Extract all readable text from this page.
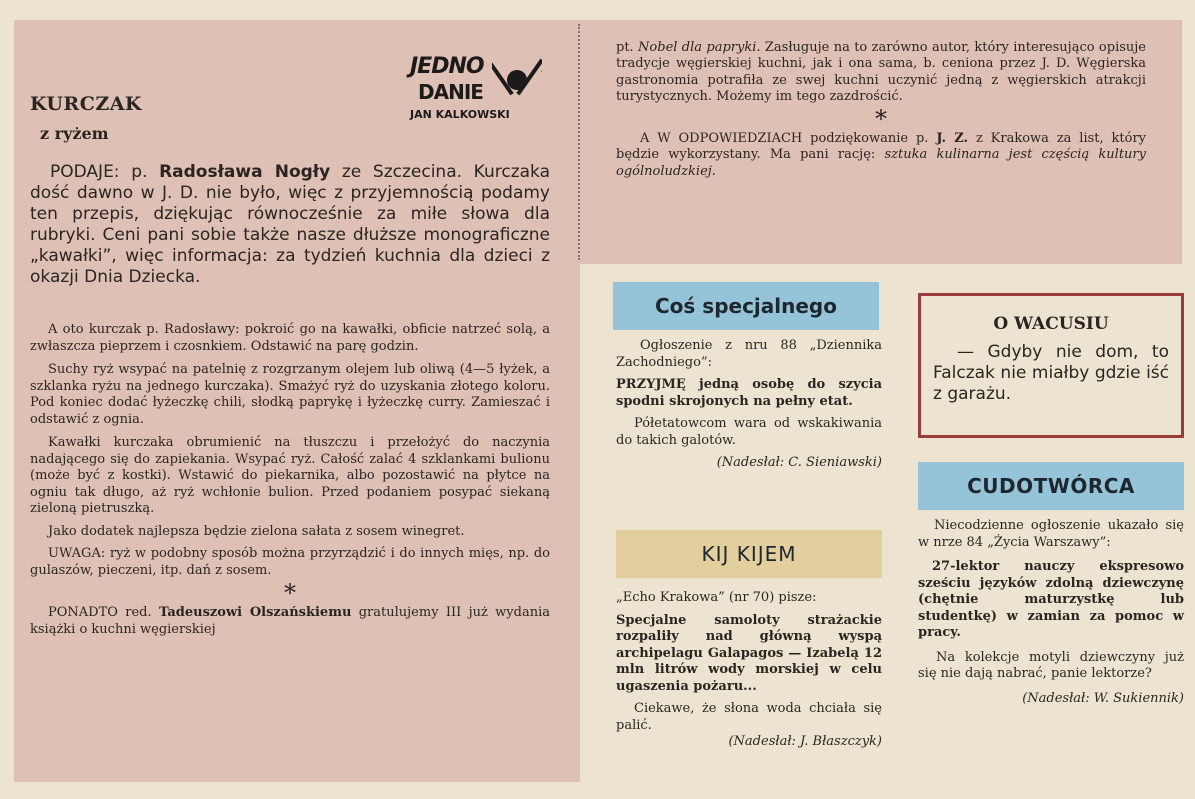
JEDNO
DANIE
JAN KALKOWSKI
KURCZAK
z ryżem

PODAJE: p. Radosława Nogły ze Szczecina. Kurczaka dość dawno w J. D. nie było, więc z przyjemnością podamy ten przepis, dziękując równocześnie za miłe słowa dla rubryki. Ceni pani sobie także nasze dłuższe monograficzne „kawałki”, więc informacja: za tydzień kuchnia dla dzieci z okazji Dnia Dziecka.

A oto kurczak p. Radosławy: pokroić go na kawałki, obficie natrzeć solą, a zwłaszcza pieprzem i czosnkiem. Odstawić na parę godzin.

Suchy ryż wsypać na patelnię z rozgrzanym olejem lub oliwą (4—5 łyżek, a szklanka ryżu na jednego kurczaka). Smażyć ryż do uzyskania złotego koloru. Pod koniec dodać łyżeczkę chili, słodką paprykę i łyżeczkę curry. Zamieszać i odstawić z ognia.

Kawałki kurczaka obrumienić na tłuszczu i przełożyć do naczynia nadającego się do zapiekania. Wsypać ryż. Całość zalać 4 szklankami bulionu (może być z kostki). Wstawić do piekarnika, albo pozostawić na płytce na ogniu tak długo, aż ryż wchłonie bulion. Przed podaniem posypać siekaną zieloną pietruszką.

Jako dodatek najlepsza będzie zielona sałata z sosem winegret.

UWAGA: ryż w podobny sposób można przyrządzić i do innych mięs, np. do gulaszów, pieczeni, itp. dań z sosem.

*

PONADTO red. Tadeuszowi Olszańskiemu gratulujemy III już wydania książki o kuchni węgierskiej

pt. Nobel dla papryki. Zasługuje na to zarówno autor, który interesująco opisuje tradycje węgierskiej kuchni, jak i ona sama, b. ceniona przez J. D. Węgierska gastronomia potrafiła ze swej kuchni uczynić jedną z węgierskich atrakcji turystycznych. Możemy im tego zazdrościć.

*

A W ODPOWIEDZIACH podziękowanie p. J. Z. z Krakowa za list, który będzie wykorzystany. Ma pani rację: sztuka kulinarna jest częścią kultury ogólnoludzkiej.

Coś specjalnego

Ogłoszenie z nru 88 „Dziennika Zachodniego”:

PRZYJMĘ jedną osobę do szycia spodni skrojonych na pełny etat.

Półetatowcom wara od wskakiwania do takich galotów.

(Nadesłał: C. Sieniawski)

KIJ KIJEM

„Echo Krakowa” (nr 70) pisze:

Specjalne samoloty strażackie rozpaliły nad główną wyspą archipelagu Galapagos — Izabelą 12 mln litrów wody morskiej w celu ugaszenia pożaru...

Ciekawe, że słona woda chciała się palić.

(Nadesłał: J. Błaszczyk)

O WACUSIU

— Gdyby nie dom, to Falczak nie miałby gdzie iść z garażu.

CUDOTWÓRCA

Niecodzienne ogłoszenie ukazało się w nrze 84 „Życia Warszawy”:

27-lektor nauczy ekspresowo sześciu języków zdolną dziewczynę (chętnie maturzystkę lub studentkę) w zamian za pomoc w pracy.

Na kolekcje motyli dziewczyny już się nie dają nabrać, panie lektorze?

(Nadesłał: W. Sukiennik)
